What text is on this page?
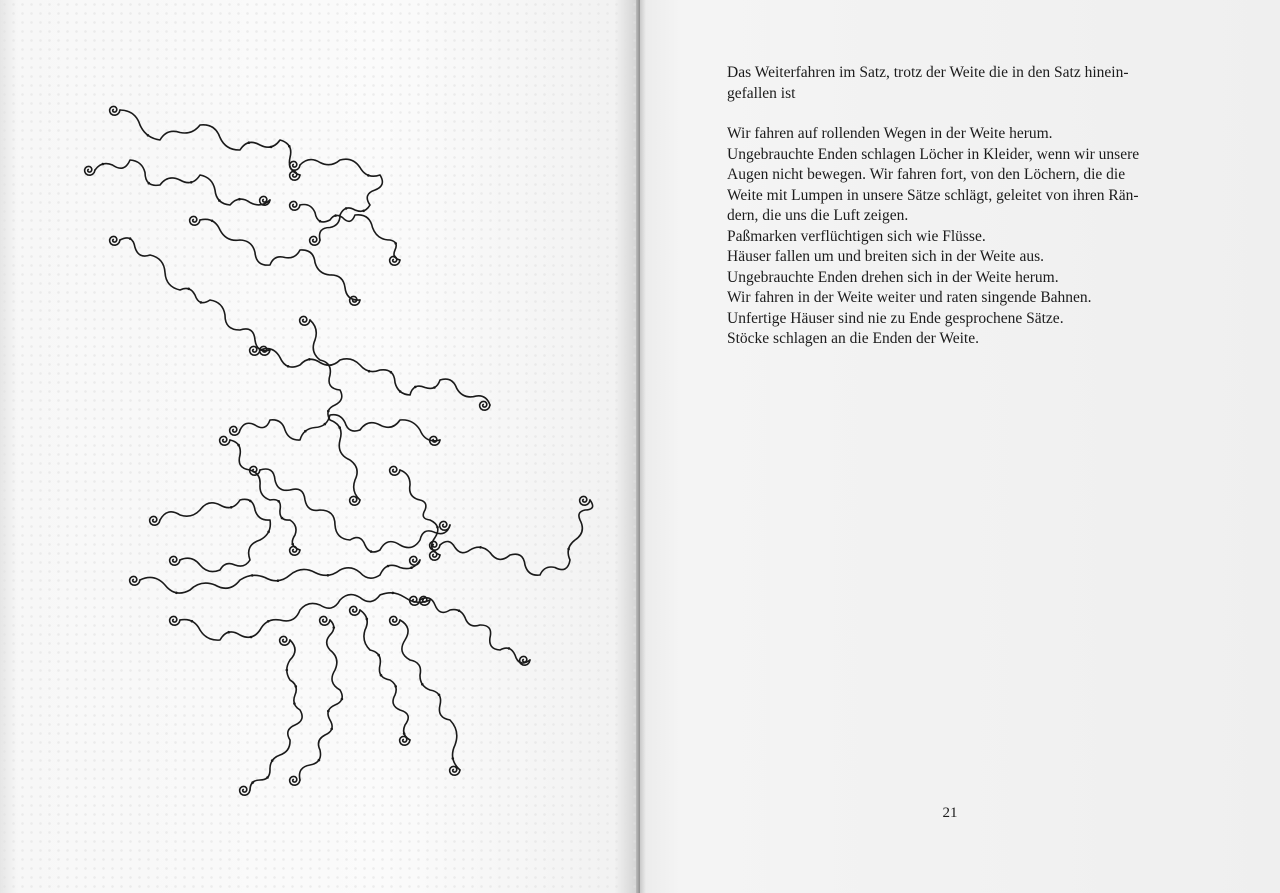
Das Weiterfahren im Satz, trotz der Weite die in den Satz hinein-
gefallen ist
Wir fahren auf rollenden Wegen in der Weite herum.
Ungebrauchte Enden schlagen Löcher in Kleider, wenn wir unsere
Augen nicht bewegen. Wir fahren fort, von den Löchern, die die
Weite mit Lumpen in unsere Sätze schlägt, geleitet von ihren Rän-
dern, die uns die Luft zeigen.
Paßmarken verflüchtigen sich wie Flüsse.
Häuser fallen um und breiten sich in der Weite aus.
Ungebrauchte Enden drehen sich in der Weite herum.
Wir fahren in der Weite weiter und raten singende Bahnen.
Unfertige Häuser sind nie zu Ende gesprochene Sätze.
Stöcke schlagen an die Enden der Weite.
21
